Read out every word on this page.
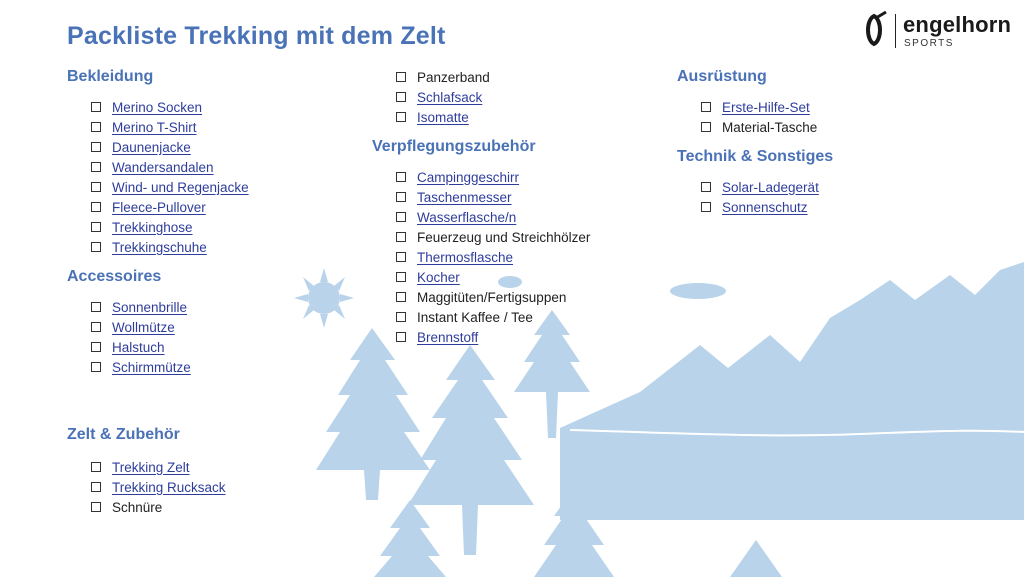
Packliste Trekking mit dem Zelt	engelhorn
SPORTS
Bekleidung
Merino Socken
Merino T-Shirt
Daunenjacke
Wandersandalen
Wind- und Regenjacke
Fleece-Pullover
Trekkinghose
Trekkingschuhe
Accessoires
Sonnenbrille
Wollmütze
Halstuch
Schirmmütze
Zelt & Zubehör
Trekking Zelt
Trekking Rucksack
Schnüre
Panzerband
Schlafsack
Isomatte
Verpflegungszubehör
Campinggeschirr
Taschenmesser
Wasserflasche/n
Feuerzeug und Streichhölzer
Thermosflasche
Kocher
Maggitüten/Fertigsuppen
Instant Kaffee / Tee
Brennstoff
Ausrüstung
Erste-Hilfe-Set
Material-Tasche
Technik & Sonstiges
Solar-Ladegerät
Sonnenschutz
